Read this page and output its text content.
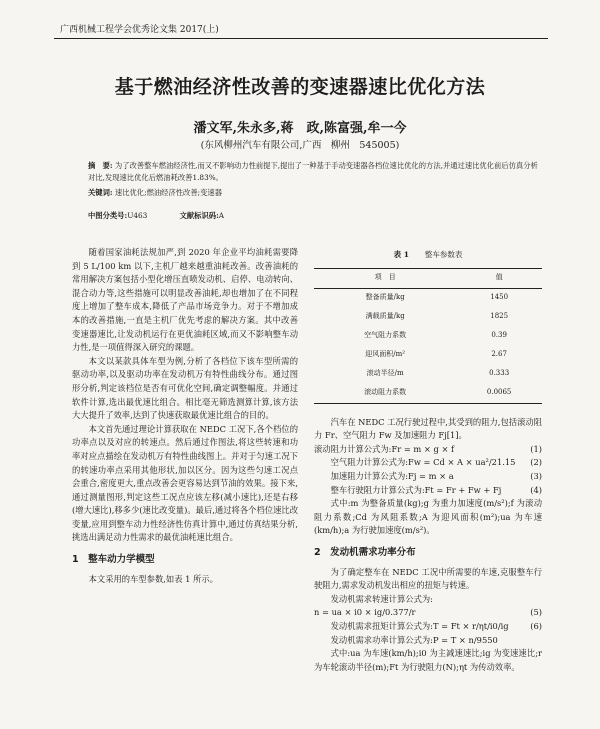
广西机械工程学会优秀论文集 2017(上)
基于燃油经济性改善的变速器速比优化方法
潘文军,朱永多,蒋　政,陈富强,牟一今
(东风柳州汽车有限公司,广西　柳州　545005)
摘　要: 为了改善整车燃油经济性,而又不影响动力性前提下,提出了一种基于手动变速器各档位速比优化的方法,并通过速比优化前后仿真分析对比,发现速比优化后燃油耗改善1.83%。
关键词: 速比优化;燃油经济性改善;变速器
中图分类号:U463	文献标识码:A

随着国家油耗法规加严,到 2020 年企业平均油耗需要降到 5 L/100 km 以下,主机厂越来越重油耗改善。改善油耗的常用解决方案包括小型化增压直喷发动机、启停、电动转向、混合动力等,这些措施可以明显改善油耗,却也增加了在不同程度上增加了整车成本,降低了产品市场竞争力。对于不增加成本的改善措施,一直是主机厂优先考虑的解决方案。其中改善变速器速比,让发动机运行在更优油耗区域,而又不影响整车动力性,是一项值得深入研究的课题。

本文以某款具体车型为例,分析了各档位下该车型所需的驱动功率,以及驱动功率在发动机万有特性曲线分布。通过图形分析,判定该档位是否有可优化空间,确定调整幅度。并通过软件计算,选出最优速比组合。相比毫无筛选测算计算,该方法大大提升了效率,达到了快速获取最优速比组合的目的。

本文首先通过理论计算获取在 NEDC 工况下,各个档位的功率点以及对应的转速点。然后通过作图法,将这些转速和功率对应点描绘在发动机万有特性曲线图上。并对于匀速工况下的转速功率点采用其他形状,加以区分。因为这些匀速工况点会重合,密度更大,重点改善会更容易达到节油的效果。接下来,通过测量图形,判定这些工况点应该左移(减小速比),还是右移(增大速比),移多少(速比改变量)。最后,通过将各个档位速比改变量,应用到整车动力性经济性仿真计算中,通过仿真结果分析,挑选出满足动力性需求的最优油耗速比组合。

1　整车动力学模型

本文采用的车型参数,如表 1 所示。

表 1 整车参数表
项　目	值
整备质量/kg	1450
满载质量/kg	1825
空气阻力系数	0.39
迎风面积/m²	2.67
滚动半径/m	0.333
滚动阻力系数	0.0065

汽车在 NEDC 工况行驶过程中,其受到的阻力,包括滚动阻力 Fr、空气阻力 Fw 及加速阻力 Fj[1]。

滚动阻力计算公式为:Fr = m × g × f	(1)
空气阻力计算公式为:Fw = Cd × A × ua²/21.15 (2)
加速阻力计算公式为:Fj = m × a	(3)
整车行驶阻力计算公式为:Ft = Fr + Fw + Fj	(4)

式中:m 为整备质量(kg);g 为重力加速度(m/s²);f 为滚动阻力系数;Cd 为风阻系数;A 为迎风面积(m²);ua 为车速(km/h);a 为行驶加速度(m/s²)。

2　发动机需求功率分布

为了确定整车在 NEDC 工况中所需要的车速,克服整车行驶阻力,需求发动机发出相应的扭矩与转速。

发动机需求转速计算公式为:
n = ua × i0 × ig/0.377/r	(5)
发动机需求扭矩计算公式为:T = Ft × r/ηt/i0/ig	(6)
发动机需求功率计算公式为:P = T × n/9550

式中:ua 为车速(km/h);i0 为主减速速比;ig 为变速速比;r 为车轮滚动半径(m);Ft 为行驶阻力(N);ηt 为传动效率。
